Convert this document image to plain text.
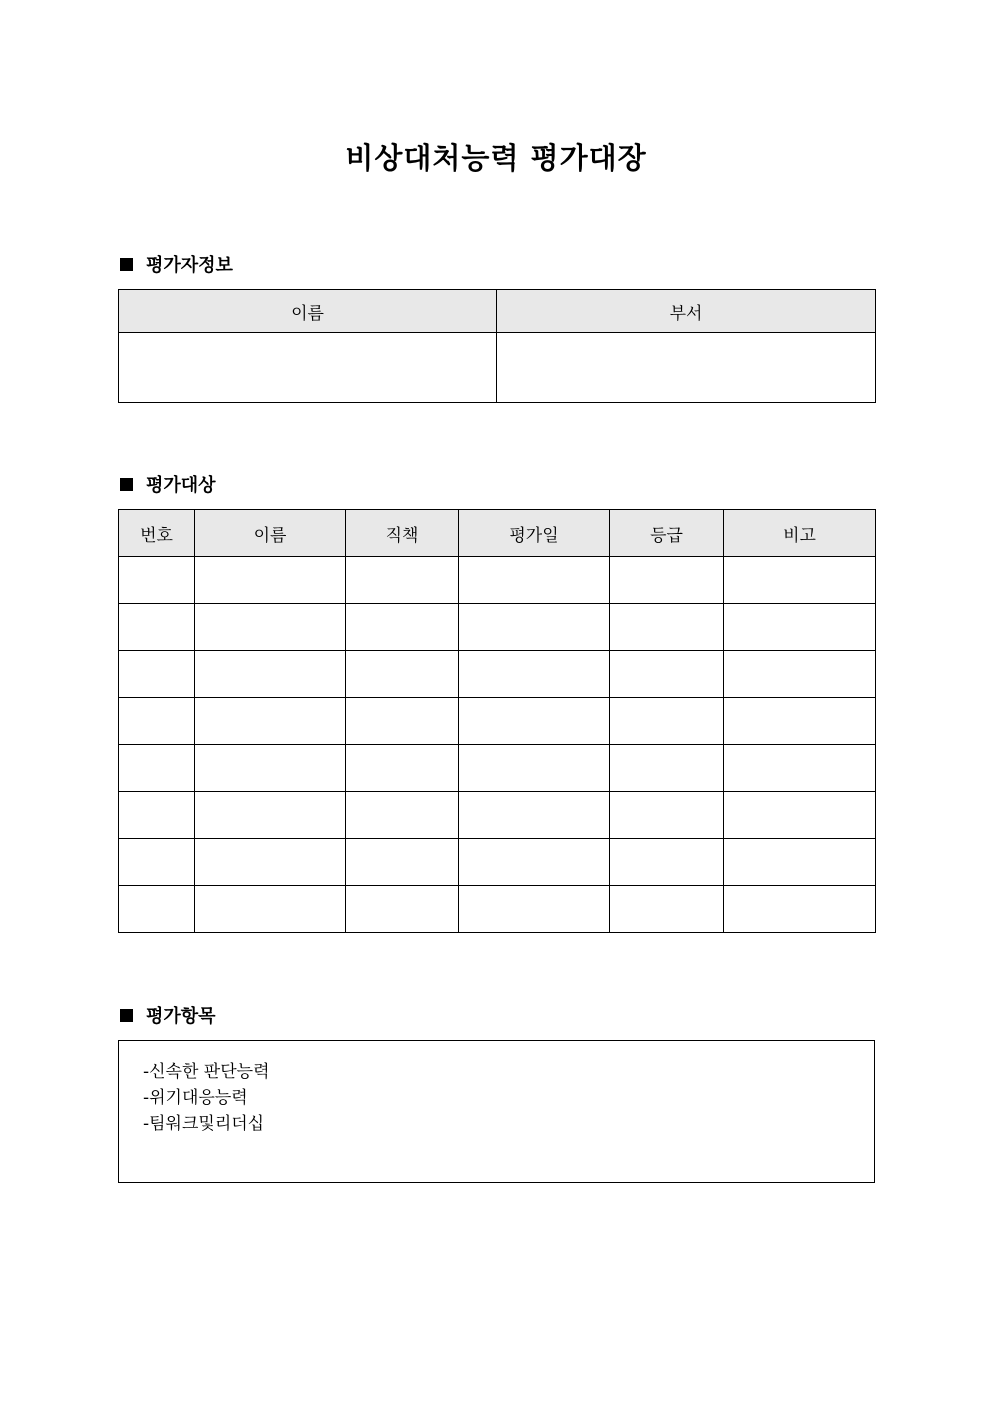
비상대처능력 평가대장
평가자정보
이름	부서

평가대상
번호	이름	직책	평가일	등급	비고

평가항목
-신속한 판단능력
-위기대응능력
-팀워크및리더십
